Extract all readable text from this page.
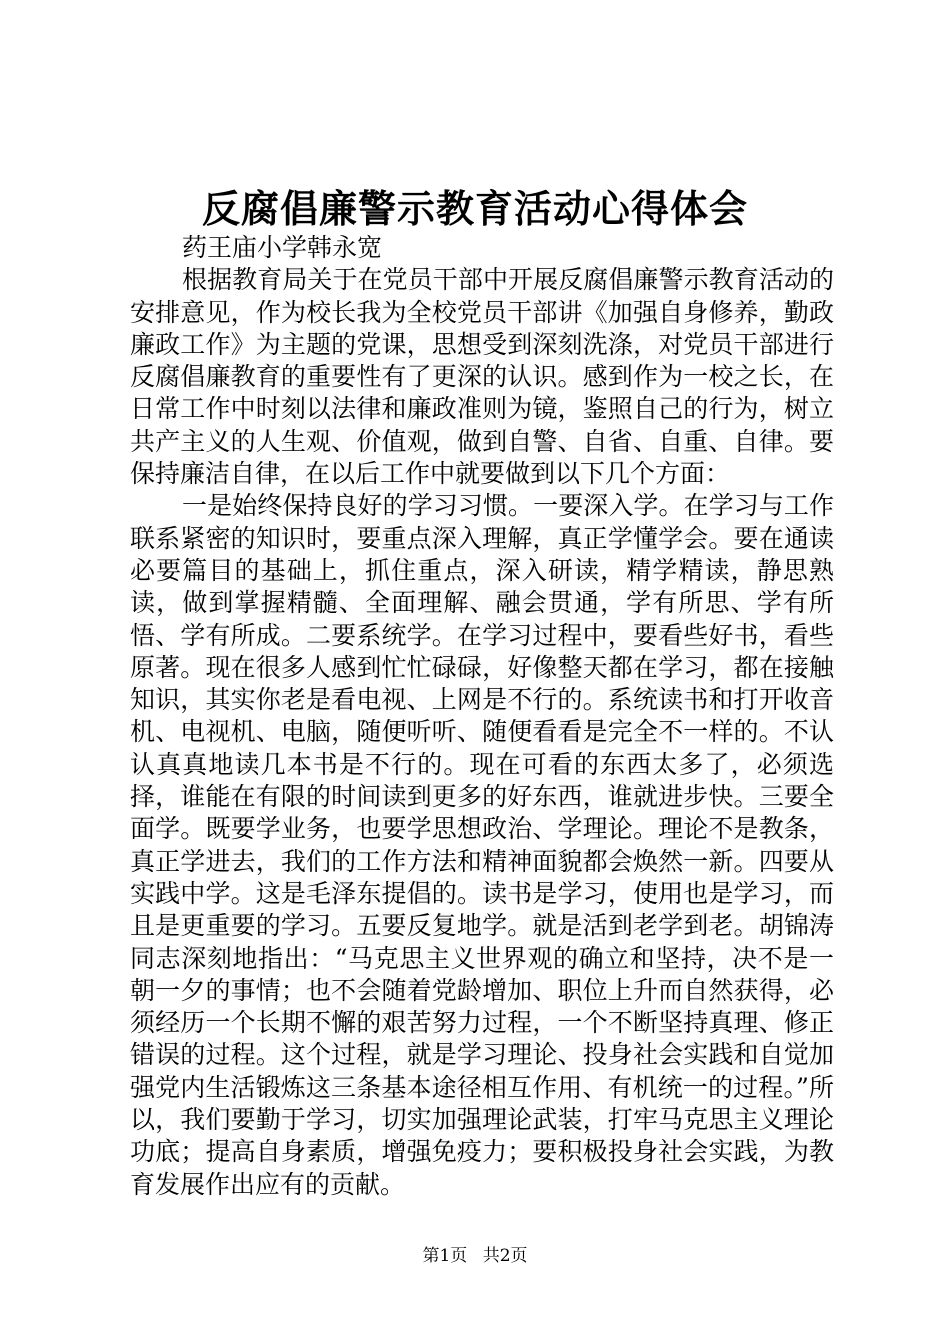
反腐倡廉警示教育活动心得体会

药王庙小学韩永宽

根据教育局关于在党员干部中开展反腐倡廉警示教育活动的安排意见，作为校长我为全校党员干部讲《加强自身修养，勤政廉政工作》为主题的党课，思想受到深刻洗涤，对党员干部进行反腐倡廉教育的重要性有了更深的认识。感到作为一校之长，在日常工作中时刻以法律和廉政准则为镜，鉴照自己的行为，树立共产主义的人生观、价值观，做到自警、自省、自重、自律。要保持廉洁自律，在以后工作中就要做到以下几个方面：

一是始终保持良好的学习习惯。一要深入学。在学习与工作联系紧密的知识时，要重点深入理解，真正学懂学会。要在通读必要篇目的基础上，抓住重点，深入研读，精学精读，静思熟读，做到掌握精髓、全面理解、融会贯通，学有所思、学有所悟、学有所成。二要系统学。在学习过程中，要看些好书，看些原著。现在很多人感到忙忙碌碌，好像整天都在学习，都在接触知识，其实你老是看电视、上网是不行的。系统读书和打开收音机、电视机、电脑，随便听听、随便看看是完全不一样的。不认认真真地读几本书是不行的。现在可看的东西太多了，必须选择，谁能在有限的时间读到更多的好东西，谁就进步快。三要全面学。既要学业务，也要学思想政治、学理论。理论不是教条，真正学进去，我们的工作方法和精神面貌都会焕然一新。四要从实践中学。这是毛泽东提倡的。读书是学习，使用也是学习，而且是更重要的学习。五要反复地学。就是活到老学到老。胡锦涛同志深刻地指出：“马克思主义世界观的确立和坚持，决不是一朝一夕的事情；也不会随着党龄增加、职位上升而自然获得，必须经历一个长期不懈的艰苦努力过程，一个不断坚持真理、修正错误的过程。这个过程，就是学习理论、投身社会实践和自觉加强党内生活锻炼这三条基本途径相互作用、有机统一的过程。”所以，我们要勤于学习，切实加强理论武装，打牢马克思主义理论功底；提高自身素质，增强免疫力；要积极投身社会实践，为教育发展作出应有的贡献。

第1页 共2页
